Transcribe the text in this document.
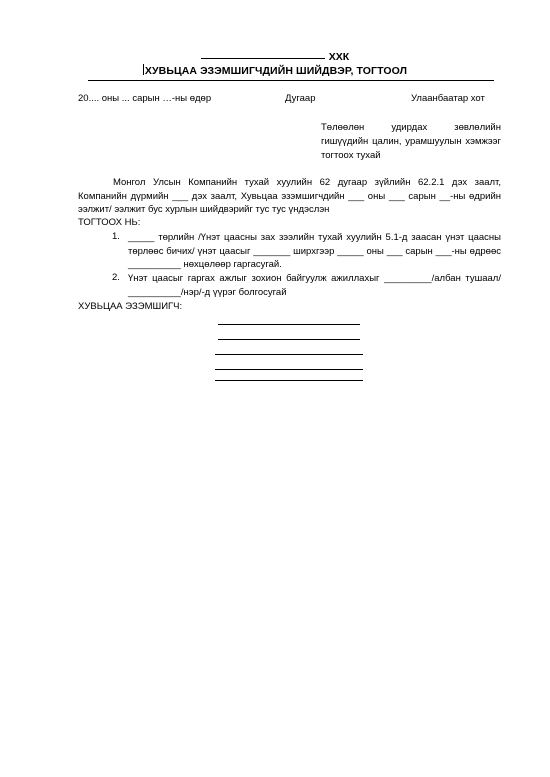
ХХК
ХУВЬЦАА ЭЗЭМШИГЧДИЙН ШИЙДВЭР, ТОГТООЛ
20.... оны ... сарын …-ны өдөр	Дугаар	Улаанбаатар хот
Төлөөлөн удирдах зөвлөлийн гишүүдийн цалин, урамшуулын хэмжээг тогтоох тухай
Монгол Улсын Компанийн тухай хуулийн 62 дугаар зүйлийн 62.2.1 дэх заалт, Компанийн дүрмийн ___ дэх заалт, Хувьцаа эзэмшигчдийн ___ оны ___ сарын __-ны өдрийн ээлжит/ ээлжит бус хурлын шийдвэрийг тус тус үндэслэн
ТОГТООХ НЬ:
1. _____ төрлийн /Үнэт цаасны зах зээлийн тухай хуулийн 5.1-д заасан үнэт цаасны төрлөөс бичих/ үнэт цаасыг _______ ширхгээр _____ оны ___ сарын ___-ны өдрөөс __________ нөхцөлөөр гаргасугай.
2. Үнэт цаасыг гаргах ажлыг зохион байгуулж ажиллахыг _________/албан тушаал/ __________/нэр/-д үүрэг болгосугай
ХУВЬЦАА ЭЗЭМШИГЧ:
